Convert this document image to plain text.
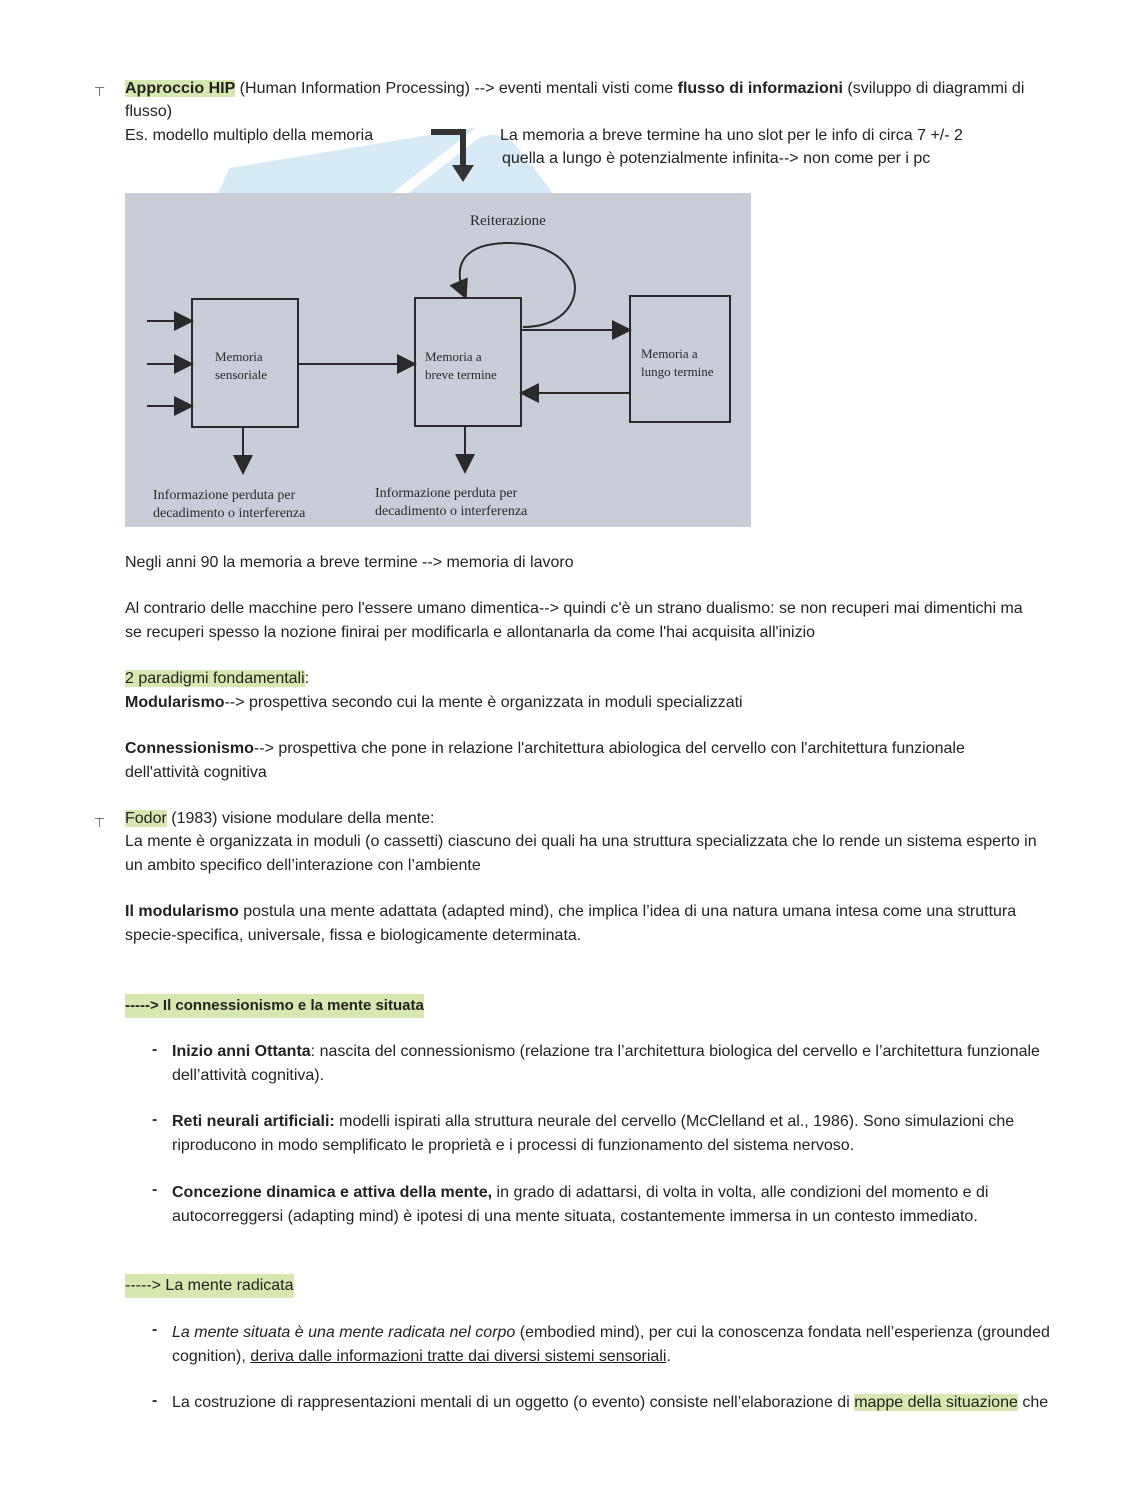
⊤ Approccio HIP (Human Information Processing) --> eventi mentali visti come flusso di informazioni (sviluppo di diagrammi di
flusso)
Es. modello multiplo della memoria	La memoria a breve termine ha uno slot per le info di circa 7 +/- 2
quella a lungo è potenzialmente infinita--> non come per i pc
Reiterazione
Memoria
sensoriale
Memoria a
breve termine
Memoria a
lungo termine
Informazione perduta per
decadimento o interferenza
Informazione perduta per
decadimento o interferenza
Negli anni 90 la memoria a breve termine --> memoria di lavoro
Al contrario delle macchine pero l'essere umano dimentica--> quindi c'è un strano dualismo: se non recuperi mai dimentichi ma
se recuperi spesso la nozione finirai per modificarla e allontanarla da come l'hai acquisita all'inizio
2 paradigmi fondamentali:
Modularismo--> prospettiva secondo cui la mente è organizzata in moduli specializzati
Connessionismo--> prospettiva che pone in relazione l'architettura abiologica del cervello con l'architettura funzionale
dell'attività cognitiva
⊤ Fodor (1983) visione modulare della mente:
La mente è organizzata in moduli (o cassetti) ciascuno dei quali ha una struttura specializzata che lo rende un sistema esperto in
un ambito specifico dell’interazione con l’ambiente
Il modularismo postula una mente adattata (adapted mind), che implica l’idea di una natura umana intesa come una struttura
specie-specifica, universale, fissa e biologicamente determinata.
-----> Il connessionismo e la mente situata
- Inizio anni Ottanta: nascita del connessionismo (relazione tra l’architettura biologica del cervello e l’architettura funzionale
dell’attività cognitiva).
- Reti neurali artificiali: modelli ispirati alla struttura neurale del cervello (McClelland et al., 1986). Sono simulazioni che
riproducono in modo semplificato le proprietà e i processi di funzionamento del sistema nervoso.
- Concezione dinamica e attiva della mente, in grado di adattarsi, di volta in volta, alle condizioni del momento e di
autocorreggersi (adapting mind) è ipotesi di una mente situata, costantemente immersa in un contesto immediato.
-----> La mente radicata
- La mente situata è una mente radicata nel corpo (embodied mind), per cui la conoscenza fondata nell’esperienza (grounded
cognition), deriva dalle informazioni tratte dai diversi sistemi sensoriali.
- La costruzione di rappresentazioni mentali di un oggetto (o evento) consiste nell’elaborazione di mappe della situazione che
